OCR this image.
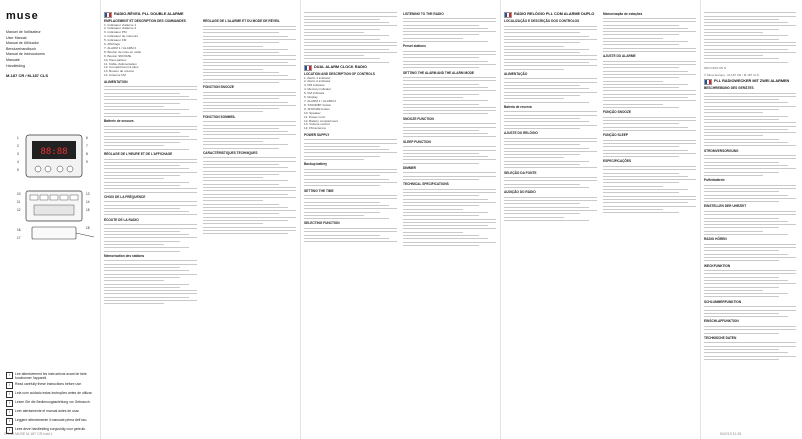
CR-46 MUSE M-187 CR.indd 1	5/02/19 11:28
muse
Manuel de l'utilisateur
User Manual
Manual de Utilizador
Benutzerhandbuch
Manual de Instrucciones
Manuale
Handleiding
M-187 CR / M-187 CLS
88:88
1
2
3
4
5
6
7
8
9
10
11
12
13
14
15
16
17
18
i	Lire attentivement les instructions avant de faire fonctionner l'appareil.
i	Read carefully these instructions before use.
i	Leia com cuidado estas instruções antes de utilizar.
i	Lesen Sie die Bedienungsanleitung vor Gebrauch.
i	Leer atentamente el manual antes de usar.
i	Leggere attentamente il manuale prima dell'uso.
i	Lees deze handleiding zorgvuldig voor gebruik.
RADIO-RÉVEIL PLL DOUBLE ALARME
EMPLACEMENT ET DESCRIPTION DES COMMANDES
1. Indicateur d'alarme 1
2. Indicateur d'alarme 2
3. Indicateur PM
4. Indicateur de mémoire
5. Indicateur FM
6. Affichage
7. ALARM 1 / ALARM 2
8. Bouton de mise en veille
9. Bouton SNOOZE
10. Haut-parleur
11. Câble d'alimentation
12. Compartiment à piles
13. Bouton de volume
14. Antenne FM
ALIMENTATION
Batterie de secours
RÉGLAGE DE L'HEURE ET DE L'AFFICHAGE
CHOIX DE LA FRÉQUENCE
ÉCOUTE DE LA RADIO
Mémorisation des stations
RÉGLAGE DE L'ALARME ET DU MODE DE RÉVEIL
FONCTION SNOOZE
FONCTION SOMMEIL
CARACTÉRISTIQUES TECHNIQUES
DUAL ALARM CLOCK RADIO
LOCATION AND DESCRIPTION OF CONTROLS
1. Alarm 1 indicator
2. Alarm 2 indicator
3. PM indicator
4. Memory indicator
5. FM indicator
6. Display
7. ALARM 1 / ALARM 2
8. STANDBY button
9. SNOOZE button
10. Speaker
11. Power cord
12. Battery compartment
13. Volume control
14. FM antenna
POWER SUPPLY
Backup battery
SETTING THE TIME
SELECTING FUNCTION
LISTENING TO THE RADIO
Preset stations
SETTING THE ALARM AND THE ALARM MODE
SNOOZE FUNCTION
SLEEP FUNCTION
DIMMER
TECHNICAL SPECIFICATIONS
RÁDIO RELÓGIO PLL COM ALARME DUPLO
LOCALIZAÇÃO E DESCRIÇÃO DOS CONTROLOS
ALIMENTAÇÃO
Bateria de reserva
AJUSTE DO RELÓGIO
SELEÇÃO DA FONTE
AUDIÇÃO DO RÁDIO
Memorização de estações
AJUSTE DO ALARME
FUNÇÃO SNOOZE
FUNÇÃO SLEEP
ESPECIFICAÇÕES
NNN NNN NN N
© Muse Europe - M-187 CR / M-187 CLS
PLL RADIOWECKER MIT ZWEI ALARMEN
BESCHREIBUNG DES GERÄTES
STROMVERSORGUNG
Pufferbatterie
EINSTELLEN DER UHRZEIT
RADIO HÖREN
WECKFUNKTION
SCHLUMMERFUNKTION
EINSCHLAFFUNKTION
TECHNISCHE DATEN
